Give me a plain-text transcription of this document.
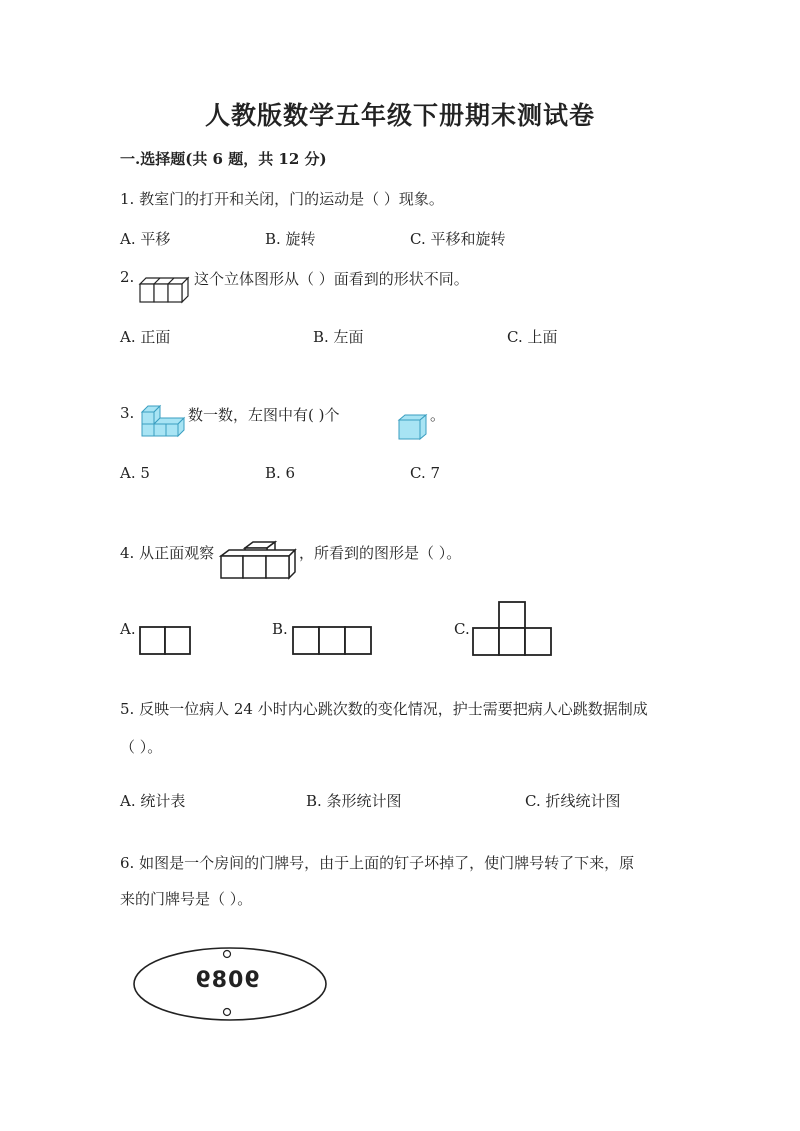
人教版数学五年级下册期末测试卷
一.选择题(共 6 题，共 12 分)
1. 教室门的打开和关闭，门的运动是（ ）现象。
A. 平移	B. 旋转	C. 平移和旋转
2.	这个立体图形从（ ）面看到的形状不同。
A. 正面	B. 左面	C. 上面
3.	数一数，左图中有( )个	。
A. 5	B. 6	C. 7
4. 从正面观察	，所看到的图形是（ ）。
A.	B.	C.
5. 反映一位病人 24 小时内心跳次数的变化情况，护士需要把病人心跳数据制成
（ ）。
A. 统计表	B. 条形统计图	C. 折线统计图
6. 如图是一个房间的门牌号，由于上面的钉子坏掉了，使门牌号转了下来，原
来的门牌号是（ ）。
9089
